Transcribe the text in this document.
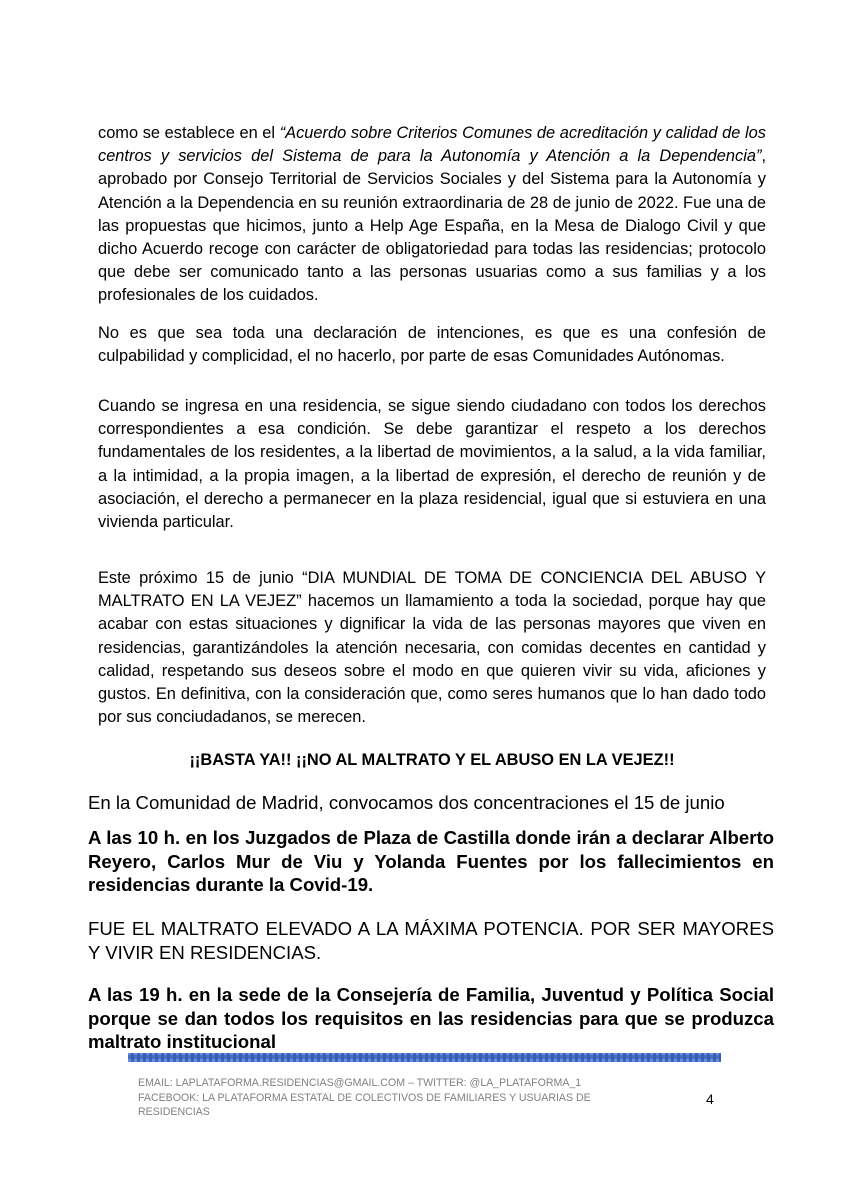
como se establece en el “Acuerdo sobre Criterios Comunes de acreditación y calidad de los centros y servicios del Sistema de para la Autonomía y Atención a la Dependencia”, aprobado por Consejo Territorial de Servicios Sociales y del Sistema para la Autonomía y Atención a la Dependencia en su reunión extraordinaria de 28 de junio de 2022. Fue una de las propuestas que hicimos, junto a Help Age España, en la Mesa de Dialogo Civil y que dicho Acuerdo recoge con carácter de obligatoriedad para todas las residencias; protocolo que debe ser comunicado tanto a las personas usuarias como a sus familias y a los profesionales de los cuidados.

No es que sea toda una declaración de intenciones, es que es una confesión de culpabilidad y complicidad, el no hacerlo, por parte de esas Comunidades Autónomas.

Cuando se ingresa en una residencia, se sigue siendo ciudadano con todos los derechos correspondientes a esa condición. Se debe garantizar el respeto a los derechos fundamentales de los residentes, a la libertad de movimientos, a la salud, a la vida familiar, a la intimidad, a la propia imagen, a la libertad de expresión, el derecho de reunión y de asociación, el derecho a permanecer en la plaza residencial, igual que si estuviera en una vivienda particular.

Este próximo 15 de junio “DIA MUNDIAL DE TOMA DE CONCIENCIA DEL ABUSO Y MALTRATO EN LA VEJEZ” hacemos un llamamiento a toda la sociedad, porque hay que acabar con estas situaciones y dignificar la vida de las personas mayores que viven en residencias, garantizándoles la atención necesaria, con comidas decentes en cantidad y calidad, respetando sus deseos sobre el modo en que quieren vivir su vida, aficiones y gustos. En definitiva, con la consideración que, como seres humanos que lo han dado todo por sus conciudadanos, se merecen.

¡¡BASTA YA!! ¡¡NO AL MALTRATO Y EL ABUSO EN LA VEJEZ!!

En la Comunidad de Madrid, convocamos dos concentraciones el 15 de junio

A las 10 h. en los Juzgados de Plaza de Castilla donde irán a declarar Alberto Reyero, Carlos Mur de Viu y Yolanda Fuentes por los fallecimientos en residencias durante la Covid-19.

FUE EL MALTRATO ELEVADO A LA MÁXIMA POTENCIA. POR SER MAYORES Y VIVIR EN RESIDENCIAS.

A las 19 h. en la sede de la Consejería de Familia, Juventud y Política Social porque se dan todos los requisitos en las residencias para que se produzca maltrato institucional

EMAIL: LAPLATAFORMA.RESIDENCIAS@GMAIL.COM – TWITTER: @LA_PLATAFORMA_1
FACEBOOK: LA PLATAFORMA ESTATAL DE COLECTIVOS DE FAMILIARES Y USUARIAS DE RESIDENCIAS
4
